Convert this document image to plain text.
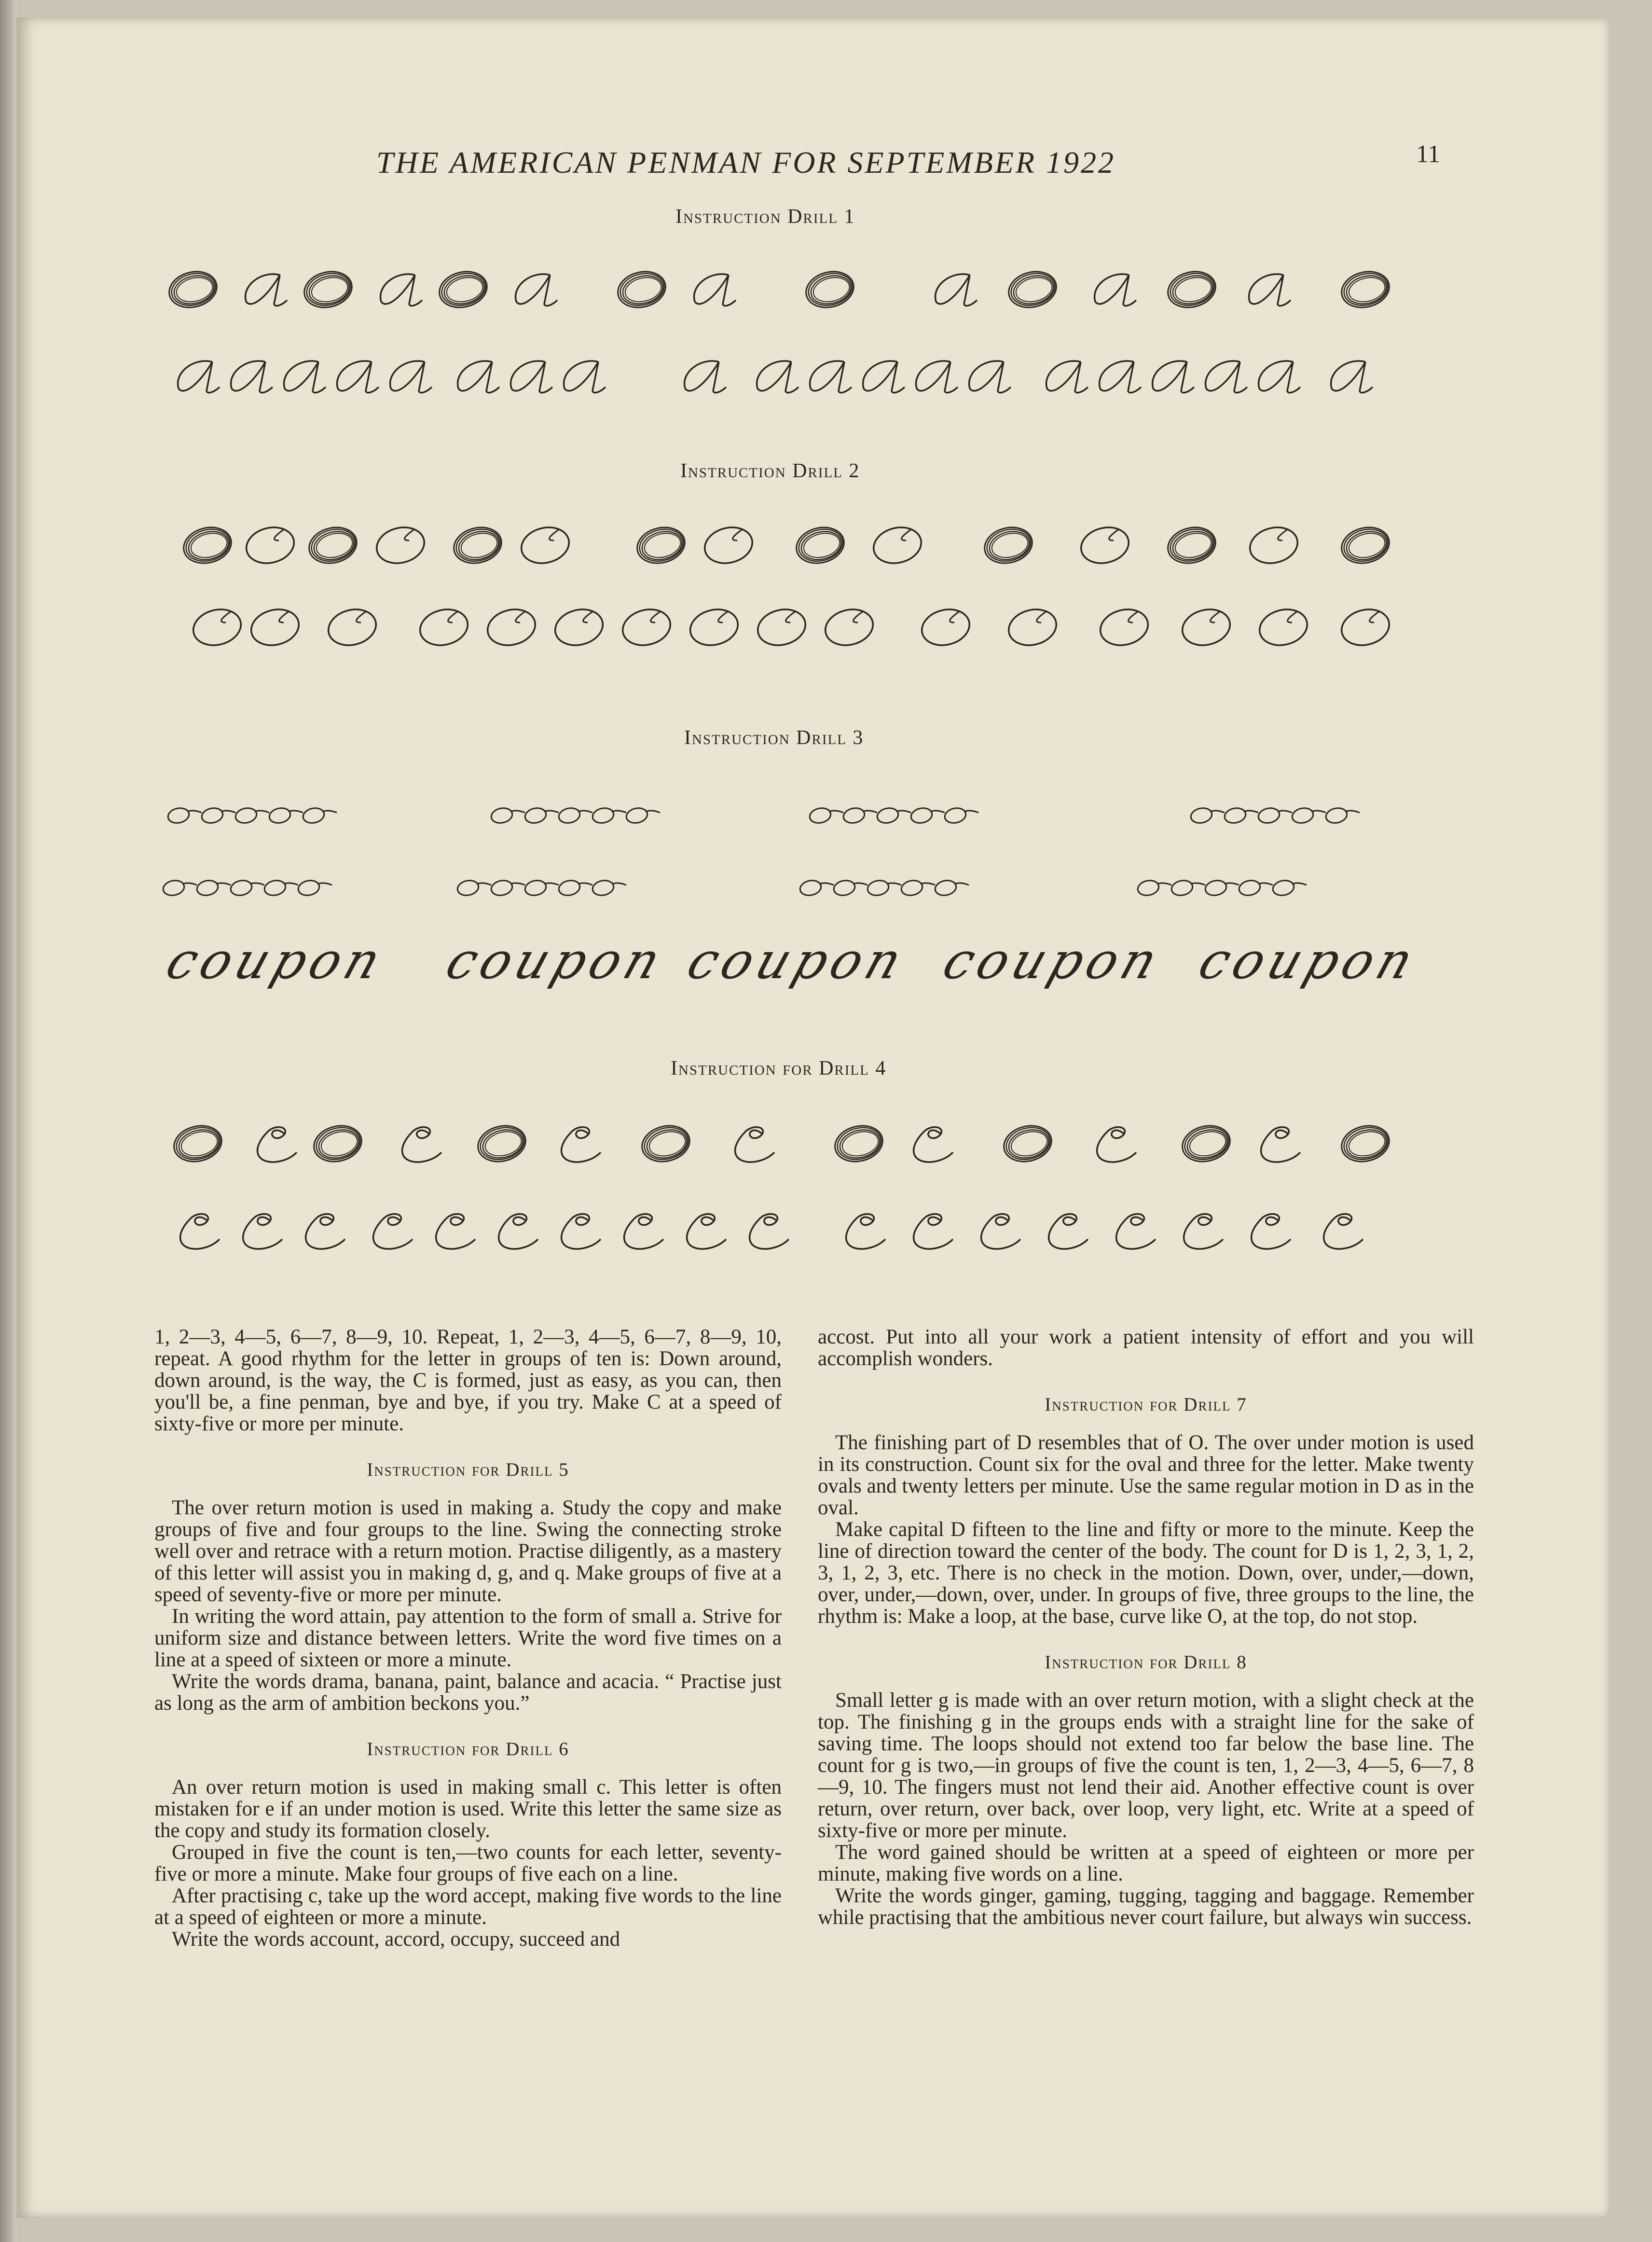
THE AMERICAN PENMAN FOR SEPTEMBER 1922	11
Instruction Drill 1
Instruction Drill 2
Instruction Drill 3
Instruction for Drill 4
coupon coupon coupon coupon coupon

1, 2—3, 4—5, 6—7, 8—9, 10. Repeat, 1, 2—3, 4—5, 6—7, 8—9, 10, repeat. A good rhythm for the letter in groups of ten is: Down around, down around, is the way, the C is formed, just as easy, as you can, then you'll be, a fine penman, bye and bye, if you try. Make C at a speed of sixty-five or more per minute.

Instruction for Drill 5

The over return motion is used in making a. Study the copy and make groups of five and four groups to the line. Swing the connecting stroke well over and retrace with a return motion. Practise diligently, as a mastery of this letter will assist you in making d, g, and q. Make groups of five at a speed of seventy-five or more per minute.

In writing the word attain, pay attention to the form of small a. Strive for uniform size and distance between letters. Write the word five times on a line at a speed of sixteen or more a minute.

Write the words drama, banana, paint, balance and acacia. “ Practise just as long as the arm of ambition beckons you.”

Instruction for Drill 6

An over return motion is used in making small c. This letter is often mistaken for e if an under motion is used. Write this letter the same size as the copy and study its formation closely.

Grouped in five the count is ten,—two counts for each letter, seventy-five or more a minute. Make four groups of five each on a line.

After practising c, take up the word accept, making five words to the line at a speed of eighteen or more a minute.

Write the words account, accord, occupy, succeed and

accost. Put into all your work a patient intensity of effort and you will accomplish wonders.

Instruction for Drill 7

The finishing part of D resembles that of O. The over under motion is used in its construction. Count six for the oval and three for the letter. Make twenty ovals and twenty letters per minute. Use the same regular motion in D as in the oval.

Make capital D fifteen to the line and fifty or more to the minute. Keep the line of direction toward the center of the body. The count for D is 1, 2, 3, 1, 2, 3, 1, 2, 3, etc. There is no check in the motion. Down, over, under,—down, over, under,—down, over, under. In groups of five, three groups to the line, the rhythm is: Make a loop, at the base, curve like O, at the top, do not stop.

Instruction for Drill 8

Small letter g is made with an over return motion, with a slight check at the top. The finishing g in the groups ends with a straight line for the sake of saving time. The loops should not extend too far below the base line. The count for g is two,—in groups of five the count is ten, 1, 2—3, 4—5, 6—7, 8—9, 10. The fingers must not lend their aid. Another effective count is over return, over return, over back, over loop, very light, etc. Write at a speed of sixty-five or more per minute.

The word gained should be written at a speed of eighteen or more per minute, making five words on a line.

Write the words ginger, gaming, tugging, tagging and baggage. Remember while practising that the ambitious never court failure, but always win success.
